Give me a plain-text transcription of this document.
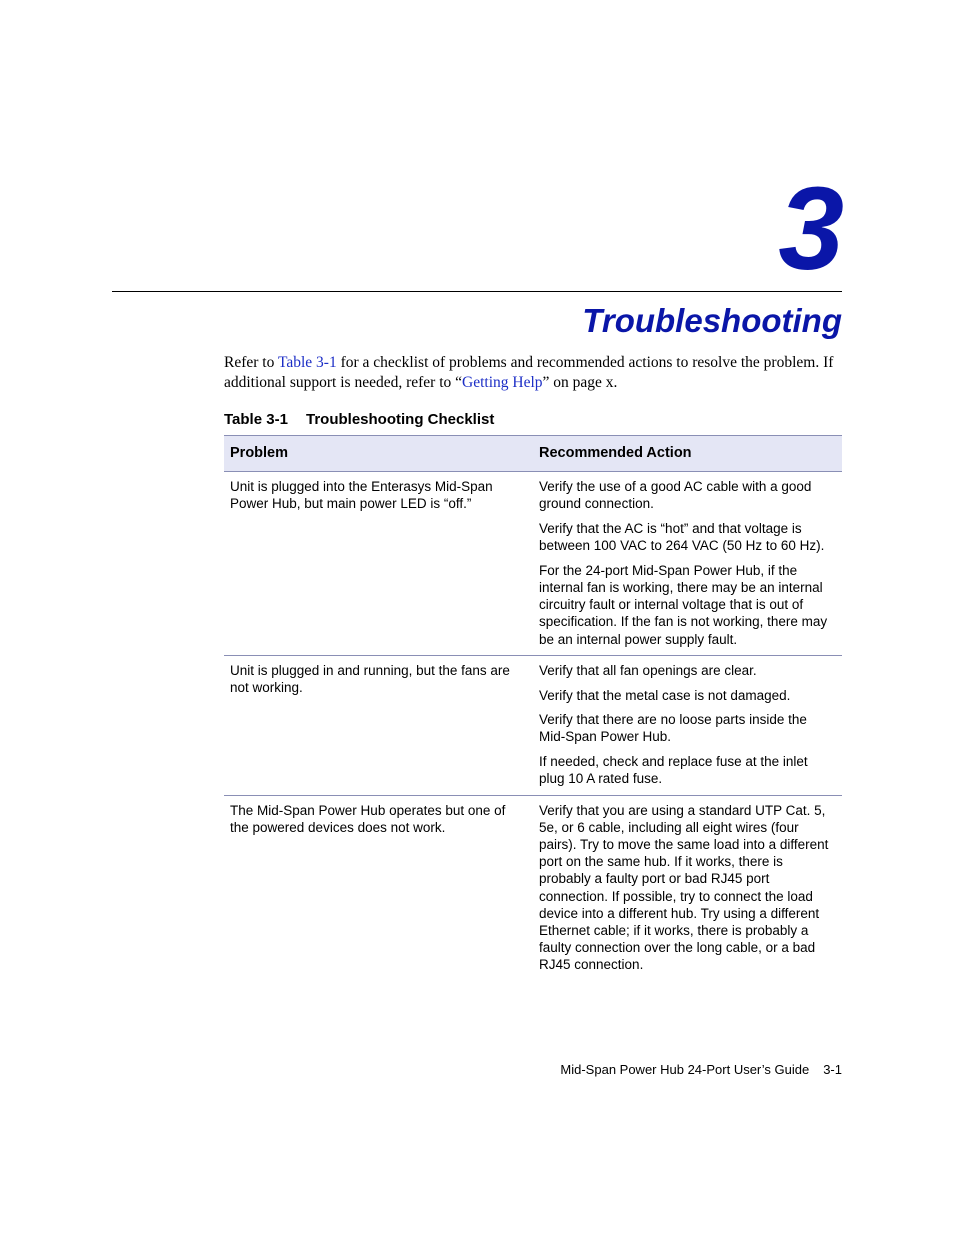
3
Troubleshooting

Refer to Table 3-1 for a checklist of problems and recommended actions to resolve the problem. If additional support is needed, refer to “Getting Help” on page x.

Table 3-1 Troubleshooting Checklist
Problem	Recommended Action
Unit is plugged into the Enterasys Mid-Span Power Hub, but main power LED is “off.”	Verify the use of a good AC cable with a good ground connection.

Verify that the AC is “hot” and that voltage is between 100 VAC to 264 VAC (50 Hz to 60 Hz).

For the 24-port Mid-Span Power Hub, if the internal fan is working, there may be an internal circuitry fault or internal voltage that is out of specification. If the fan is not working, there may be an internal power supply fault.

Unit is plugged in and running, but the fans are not working.	Verify that all fan openings are clear.

Verify that the metal case is not damaged.

Verify that there are no loose parts inside the Mid-Span Power Hub.

If needed, check and replace fuse at the inlet plug 10 A rated fuse.

The Mid-Span Power Hub operates but one of the powered devices does not work.	Verify that you are using a standard UTP Cat. 5, 5e, or 6 cable, including all eight wires (four pairs). Try to move the same load into a different port on the same hub. If it works, there is probably a faulty port or bad RJ45 port connection. If possible, try to connect the load device into a different hub. Try using a different Ethernet cable; if it works, there is probably a faulty connection over the long cable, or a bad RJ45 connection.

Mid-Span Power Hub 24-Port User’s Guide 3-1
